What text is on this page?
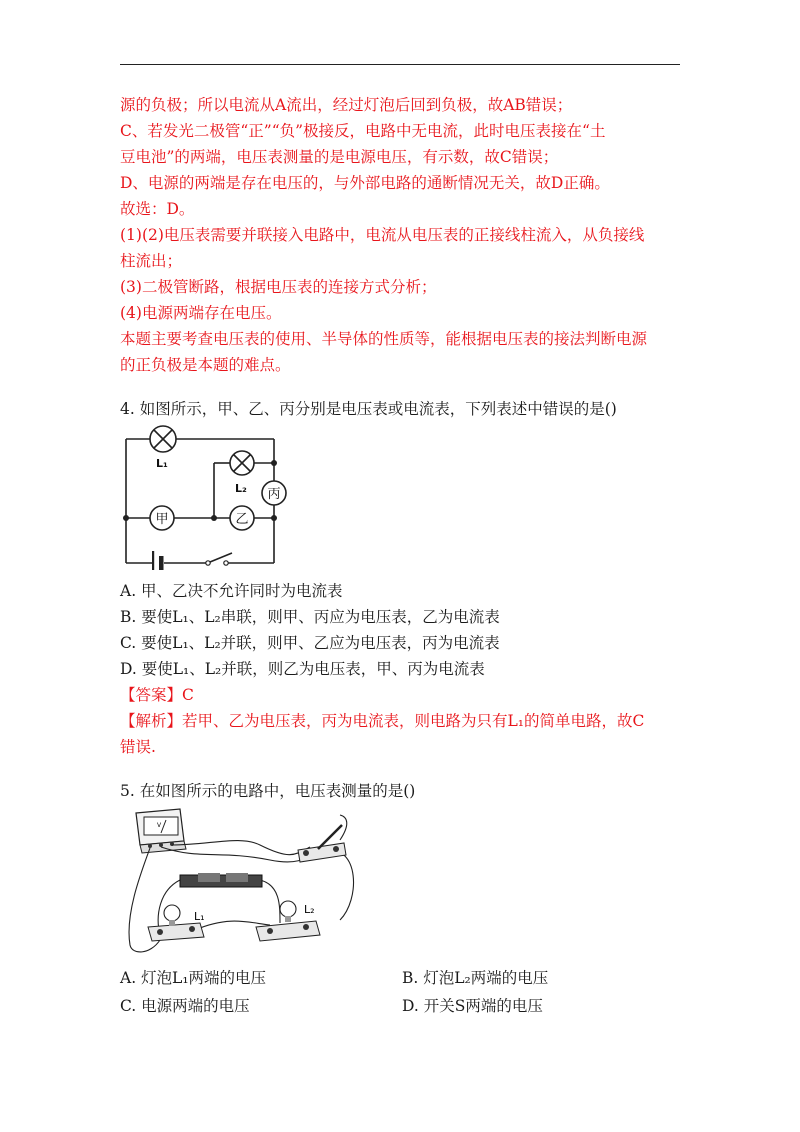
源的负极；所以电流从A流出，经过灯泡后回到负极，故AB错误；
C、若发光二极管“正”“负”极接反，电路中无电流，此时电压表接在“土
豆电池”的两端，电压表测量的是电源电压，有示数，故C错误；
D、电源的两端是存在电压的，与外部电路的通断情况无关，故D正确。
故选：D。
(1)(2)电压表需要并联接入电路中，电流从电压表的正接线柱流入，从负接线
柱流出；
(3)二极管断路，根据电压表的连接方式分析；
(4)电源两端存在电压。
本题主要考查电压表的使用、半导体的性质等，能根据电压表的接法判断电源
的正负极是本题的难点。
4. 如图所示，甲、乙、丙分别是电压表或电流表，下列表述中错误的是()
甲	乙
丙
L₁
L₂
A. 甲、乙决不允许同时为电流表
B. 要使L₁、L₂串联，则甲、丙应为电压表，乙为电流表
C. 要使L₁、L₂并联，则甲、乙应为电压表，丙为电流表
D. 要使L₁、L₂并联，则乙为电压表，甲、丙为电流表
【答案】C
【解析】若甲、乙为电压表，丙为电流表，则电路为只有L₁的简单电路，故C
错误.
5. 在如图所示的电路中，电压表测量的是()
V
L₁
L₂
A. 灯泡L₁两端的电压	B. 灯泡L₂两端的电压
C. 电源两端的电压	D. 开关S两端的电压
